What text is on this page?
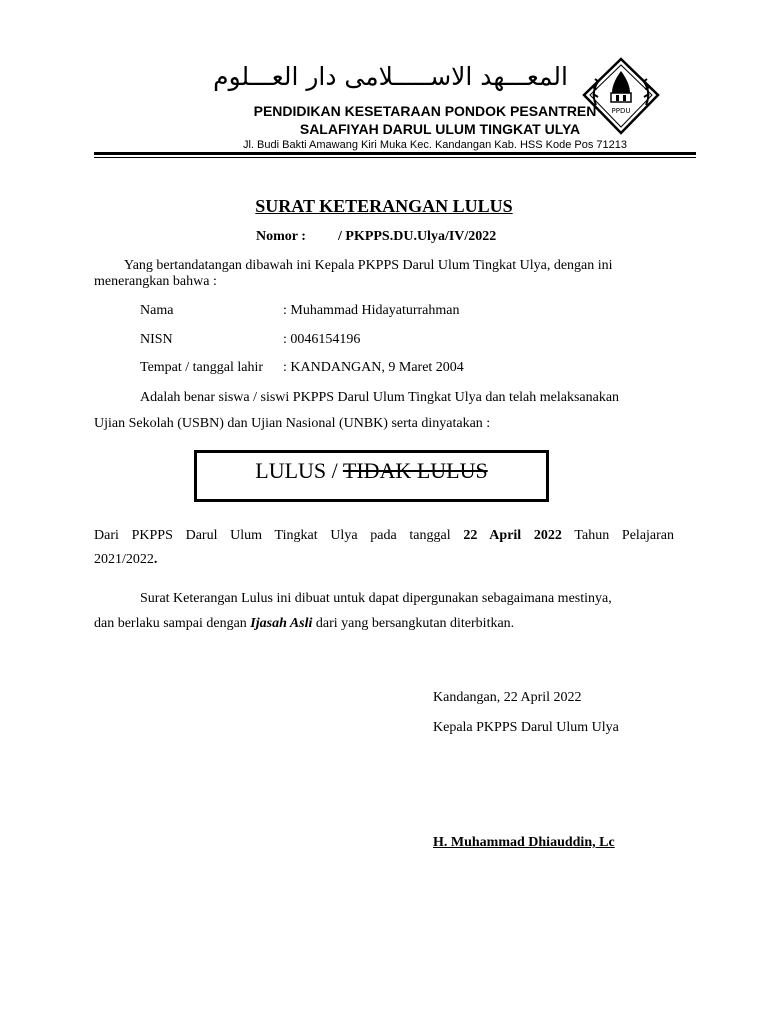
المعـــهد الاســـــلامى دار العـــلوم
PENDIDIKAN KESETARAAN PONDOK PESANTREN
SALAFIYAH DARUL ULUM TINGKAT ULYA
Jl. Budi Bakti Amawang Kiri Muka Kec. Kandangan Kab. HSS Kode Pos 71213
PPDU
SURAT KETERANGAN LULUS
Nomor : / PKPPS.DU.Ulya/IV/2022
Yang bertandatangan dibawah ini Kepala PKPPS Darul Ulum Tingkat Ulya, dengan ini
menerangkan bahwa :
Nama	: Muhammad Hidayaturrahman
NISN	: 0046154196
Tempat / tanggal lahir : KANDANGAN, 9 Maret 2004
Adalah benar siswa / siswi PKPPS Darul Ulum Tingkat Ulya dan telah melaksanakan
Ujian Sekolah (USBN) dan Ujian Nasional (UNBK) serta dinyatakan :
LULUS / TIDAK LULUS
Dari PKPPS Darul Ulum Tingkat Ulya pada tanggal 22 April 2022 Tahun Pelajaran
2021/2022.
Surat Keterangan Lulus ini dibuat untuk dapat dipergunakan sebagaimana mestinya,
dan berlaku sampai dengan Ijasah Asli dari yang bersangkutan diterbitkan.
Kandangan, 22 April 2022
Kepala PKPPS Darul Ulum Ulya
H. Muhammad Dhiauddin, Lc
